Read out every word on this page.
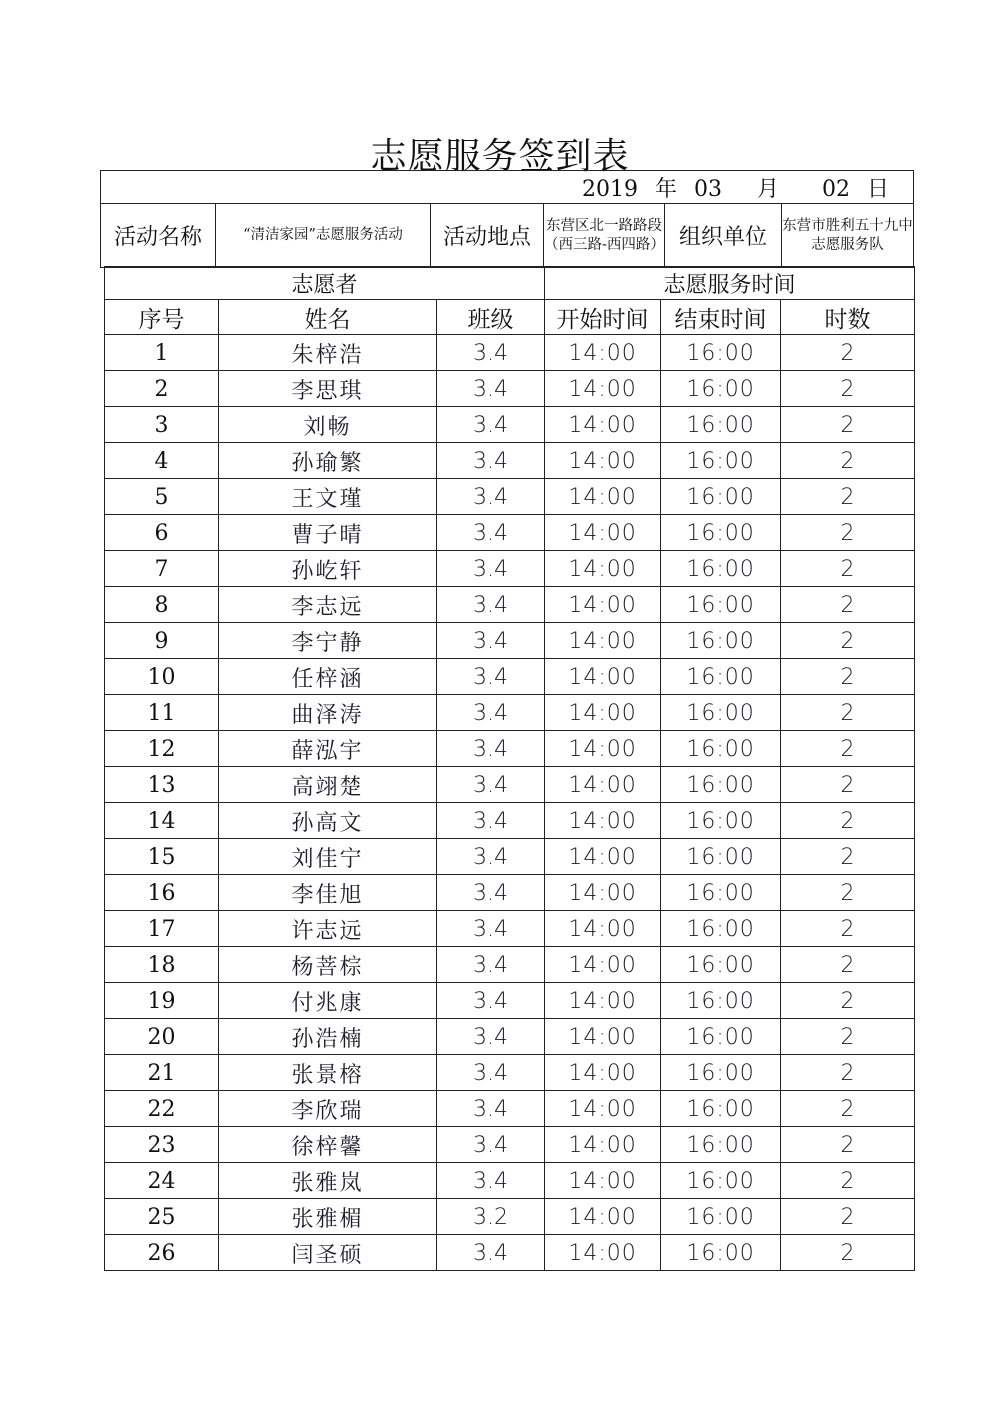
志愿服务签到表
2019 年 03 月 02 日
活动名称	“清洁家园”志愿服务活动	活动地点	东营区北一路路段（西三路-西四路）	组织单位	东营市胜利五十九中志愿服务队
志愿者			志愿服务时间		
序号	姓名	班级	开始时间	结束时间	时数
1	朱梓浩	3.4	14:00	16:00	2
2	李思琪	3.4	14:00	16:00	2
3	刘畅	3.4	14:00	16:00	2
4	孙瑜繁	3.4	14:00	16:00	2
5	王文瑾	3.4	14:00	16:00	2
6	曹子晴	3.4	14:00	16:00	2
7	孙屹轩	3.4	14:00	16:00	2
8	李志远	3.4	14:00	16:00	2
9	李宁静	3.4	14:00	16:00	2
10	任梓涵	3.4	14:00	16:00	2
11	曲泽涛	3.4	14:00	16:00	2
12	薛泓宇	3.4	14:00	16:00	2
13	高翊楚	3.4	14:00	16:00	2
14	孙高文	3.4	14:00	16:00	2
15	刘佳宁	3.4	14:00	16:00	2
16	李佳旭	3.4	14:00	16:00	2
17	许志远	3.4	14:00	16:00	2
18	杨菩棕	3.4	14:00	16:00	2
19	付兆康	3.4	14:00	16:00	2
20	孙浩楠	3.4	14:00	16:00	2
21	张景榕	3.4	14:00	16:00	2
22	李欣瑞	3.4	14:00	16:00	2
23	徐梓馨	3.4	14:00	16:00	2
24	张雅岚	3.4	14:00	16:00	2
25	张雅楣	3.2	14:00	16:00	2
26	闫圣硕	3.4	14:00	16:00	2
